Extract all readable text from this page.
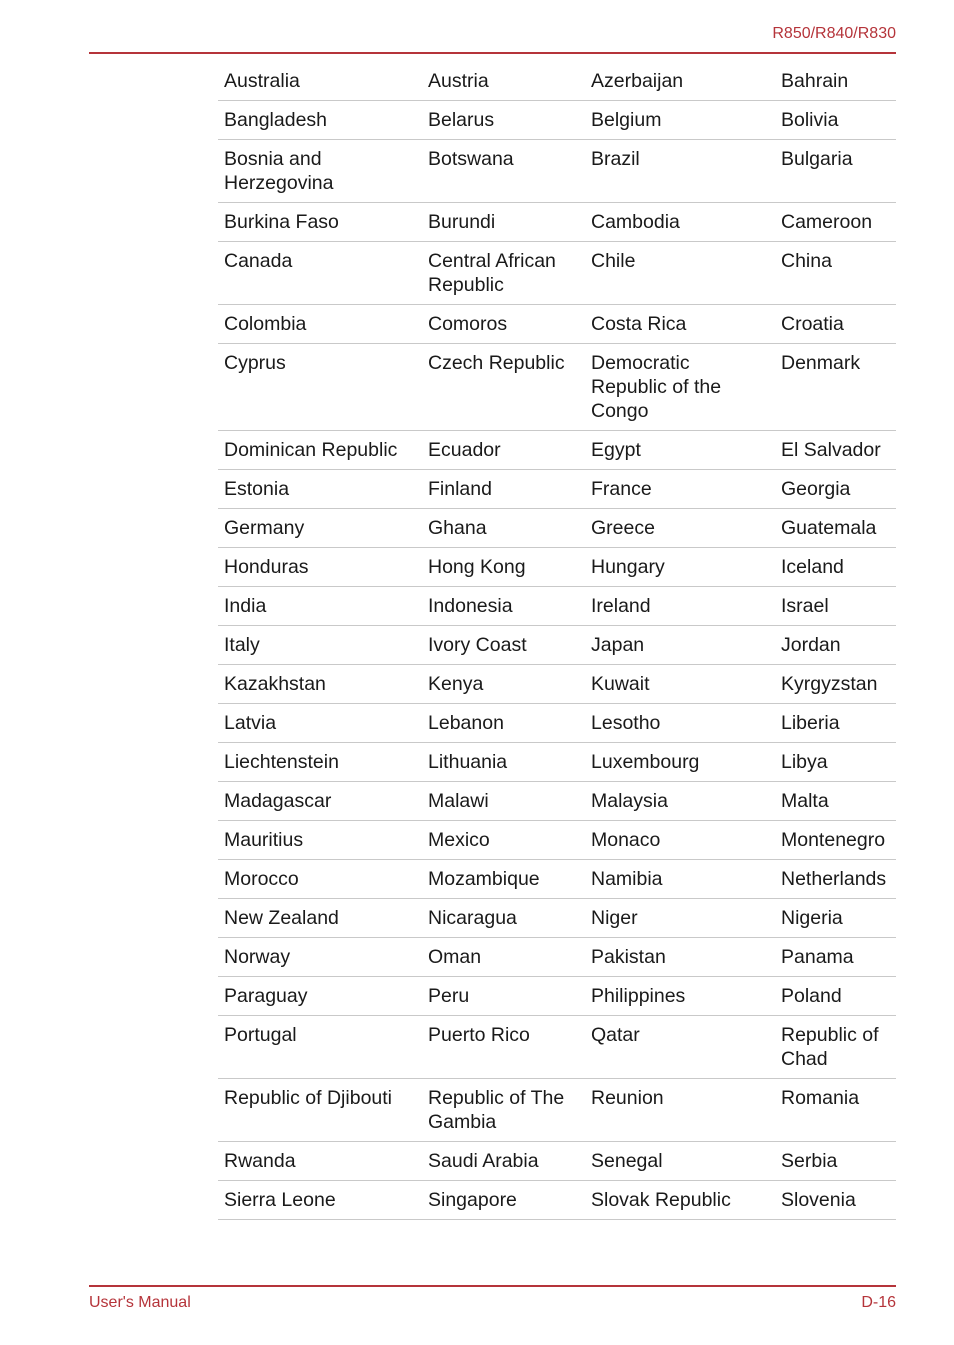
R850/R840/R830
Australia	Austria	Azerbaijan	Bahrain
Bangladesh	Belarus	Belgium	Bolivia
Bosnia and Herzegovina	Botswana	Brazil	Bulgaria
Burkina Faso	Burundi	Cambodia	Cameroon
Canada	Central African Republic	Chile	China
Colombia	Comoros	Costa Rica	Croatia
Cyprus	Czech Republic	Democratic Republic of the Congo	Denmark
Dominican Republic	Ecuador	Egypt	El Salvador
Estonia	Finland	France	Georgia
Germany	Ghana	Greece	Guatemala
Honduras	Hong Kong	Hungary	Iceland
India	Indonesia	Ireland	Israel
Italy	Ivory Coast	Japan	Jordan
Kazakhstan	Kenya	Kuwait	Kyrgyzstan
Latvia	Lebanon	Lesotho	Liberia
Liechtenstein	Lithuania	Luxembourg	Libya
Madagascar	Malawi	Malaysia	Malta
Mauritius	Mexico	Monaco	Montenegro
Morocco	Mozambique	Namibia	Netherlands
New Zealand	Nicaragua	Niger	Nigeria
Norway	Oman	Pakistan	Panama
Paraguay	Peru	Philippines	Poland
Portugal	Puerto Rico	Qatar	Republic of Chad
Republic of Djibouti	Republic of The Gambia	Reunion	Romania
Rwanda	Saudi Arabia	Senegal	Serbia
Sierra Leone	Singapore	Slovak Republic	Slovenia
User's Manual	D-16
